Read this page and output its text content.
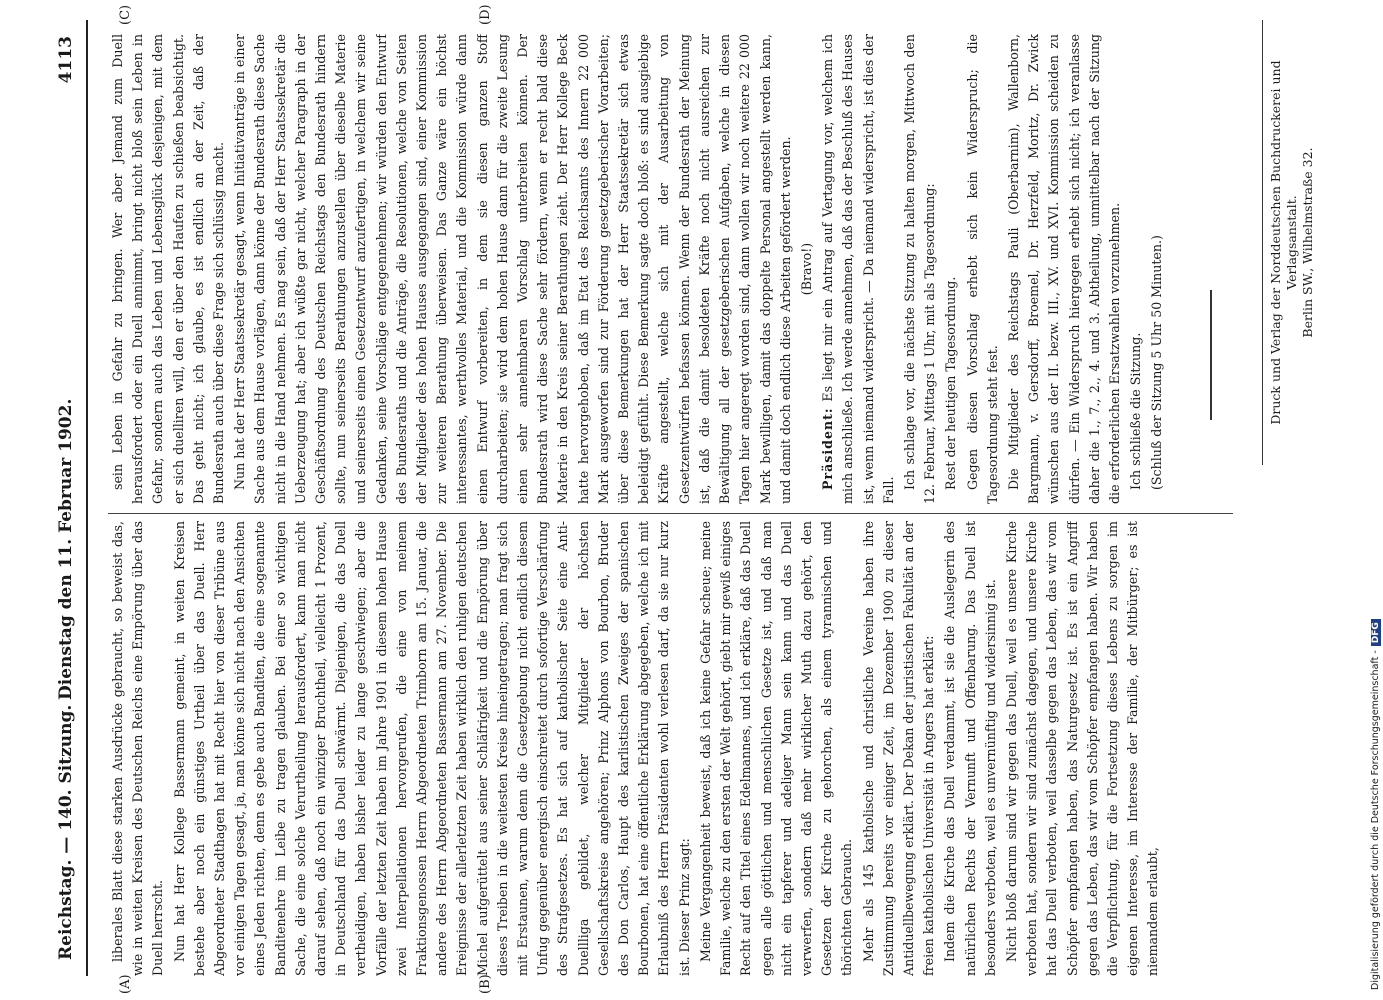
Reichstag. — 140. Sitzung.
Dienstag den 11. Februar 1902.
4113
(A)	(B)
(C)	(D)

liberales Blatt diese starken Ausdrücke gebraucht, so beweist das, wie in weiten Kreisen des Deutschen Reichs eine Empörung über das Duell herrscht. Nun hat Herr Kollege Bassermann gemeint, in weiten Kreisen bestehe aber noch ein günstiges Urtheil über das Duell. Herr Abgeordneter Stadthagen hat mit Recht hier von dieser Tribüne aus vor einigen Tagen gesagt, ja, man könne sich nicht nach den Ansichten eines Jeden richten, denn es gebe auch Banditen, die eine sogenannte Banditenehre im Leibe zu tragen glauben. Bei einer so wichtigen Sache, die eine solche Verurtheilung herausfordert, kann man nicht darauf sehen, daß noch ein winziger Bruchtheil, vielleicht 1 Prozent, in Deutschland für das Duell schwärmt. Diejenigen, die das Duell vertheidigen, haben bisher leider zu lange geschwiegen; aber die Vorfälle der letzten Zeit haben im Jahre 1901 in diesem hohen Hause zwei Interpellationen hervorgerufen, die eine von meinem Fraktionsgenossen Herrn Abgeordneten Trimborn am 15. Januar, die andere des Herrn Abgeordneten Bassermann am 27. November. Die Ereignisse der allerletzten Zeit haben wirklich den ruhigen deutschen Michel aufgerüttelt aus seiner Schläfrigkeit und die Empörung über dieses Treiben in die weitesten Kreise hineingetragen; man fragt sich mit Erstaunen, warum denn die Gesetzgebung nicht endlich diesem Unfug gegenüber energisch einschreitet durch sofortige Verschärfung des Strafgesetzes. Es hat sich auf katholischer Seite eine Anti-Duellliga gebildet, welcher Mitglieder der höchsten Gesellschaftskreise angehören; Prinz Alphons von Bourbon, Bruder des Don Carlos, Haupt des karlistischen Zweiges der spanischen Bourbonen, hat eine öffentliche Erklärung abgegeben, welche ich mit Erlaubniß des Herrn Präsidenten wohl verlesen darf, da sie nur kurz ist. Dieser Prinz sagt: Meine Vergangenheit beweist, daß ich keine Gefahr scheue; meine Familie, welche zu den ersten der Welt gehört, giebt mir gewiß einiges Recht auf den Titel eines Edelmannes, und ich erkläre, daß das Duell gegen alle göttlichen und menschlichen Gesetze ist, und daß man nicht ein tapferer und adeliger Mann sein kann und das Duell verwerfen, sondern daß mehr wirklicher Muth dazu gehört, den Gesetzen der Kirche zu gehorchen, als einem tyrannischen und thörichten Gebrauch. Mehr als 145 katholische und christliche Vereine haben ihre Zustimmung bereits vor einiger Zeit, im Dezember 1900 zu dieser Antiduellbewegung erklärt. Der Dekan der juristischen Fakultät an der freien katholischen Universität in Angers hat erklärt: Indem die Kirche das Duell verdammt, ist sie die Auslegerin des natürlichen Rechts der Vernunft und Offenbarung. Das Duell ist besonders verboten, weil es unvernünftig und widersinnig ist. Nicht bloß darum sind wir gegen das Duell, weil es unsere Kirche verboten hat, sondern wir sind zunächst dagegen, und unsere Kirche hat das Duell verboten, weil dasselbe gegen das Leben, das wir vom Schöpfer empfangen haben, das Naturgesetz ist. Es ist ein Angriff gegen das Leben, das wir vom Schöpfer empfangen haben. Wir haben die Verpflichtung, für die Fortsetzung dieses Lebens zu sorgen im eigenen Interesse, im Interesse der Familie, der Mitbürger; es ist niemandem erlaubt,

sein Leben in Gefahr zu bringen. Wer aber Jemand zum Duell herausfordert oder ein Duell annimmt, bringt nicht bloß sein Leben in Gefahr, sondern auch das Leben und Lebensglück desjenigen, mit dem er sich duelliren will, den er über den Haufen zu schießen beabsichtigt. Das geht nicht; ich glaube, es ist endlich an der Zeit, daß der Bundesrath auch über diese Frage sich schlüssig macht. Nun hat der Herr Staatssekretär gesagt, wenn Initiativanträge in einer Sache aus dem Hause vorlägen, dann könne der Bundesrath diese Sache nicht in die Hand nehmen. Es mag sein, daß der Herr Staatssekretär die Ueberzeugung hat; aber ich wüßte gar nicht, welcher Paragraph in der Geschäftsordnung des Deutschen Reichstags den Bundesrath hindern sollte, nun seinerseits Berathungen anzustellen über dieselbe Materie und seinerseits einen Gesetzentwurf anzufertigen, in welchem wir seine Gedanken, seine Vorschläge entgegennehmen; wir würden den Entwurf des Bundesraths und die Anträge, die Resolutionen, welche von Seiten der Mitglieder des hohen Hauses ausgegangen sind, einer Kommission zur weiteren Berathung überweisen. Das Ganze wäre ein höchst interessantes, werthvolles Material, und die Kommission würde dann einen Entwurf vorbereiten, in dem sie diesen ganzen Stoff durcharbeiten; sie wird dem hohen Hause dann für die zweite Lesung einen sehr annehmbaren Vorschlag unterbreiten können. Der Bundesrath wird diese Sache sehr fördern, wenn er recht bald diese Materie in den Kreis seiner Berathungen zieht. Der Herr Kollege Beck hatte hervorgehoben, daß im Etat des Reichsamts des Innern 22 000 Mark ausgeworfen sind zur Förderung gesetzgeberischer Vorarbeiten; über diese Bemerkungen hat der Herr Staatssekretär sich etwas beleidigt gefühlt. Diese Bemerkung sagte doch bloß: es sind ausgiebige Kräfte angestellt, welche sich mit der Ausarbeitung von Gesetzentwürfen befassen können. Wenn der Bundesrath der Meinung ist, daß die damit besoldeten Kräfte noch nicht ausreichen zur Bewältigung all der gesetzgeberischen Aufgaben, welche in diesen Tagen hier angeregt worden sind, dann wollen wir noch weitere 22 000 Mark bewilligen, damit das doppelte Personal angestellt werden kann, und damit doch endlich diese Arbeiten gefördert werden. (Bravo!)

Präsident: Es liegt mir ein Antrag auf Vertagung vor, welchem ich mich anschließe. Ich werde annehmen, daß das der Beschluß des Hauses ist, wenn niemand widerspricht. — Da niemand widerspricht, ist dies der Fall.

Ich schlage vor, die nächste Sitzung zu halten morgen, Mittwoch den 12. Februar, Mittags 1 Uhr, mit als Tagesordnung: Rest der heutigen Tagesordnung. Gegen diesen Vorschlag erhebt sich kein Widerspruch; die Tagesordnung steht fest. Die Mitglieder des Reichstags Pauli (Oberbarnim), Wallenborn, Bargmann, v. Gersdorff, Broemel, Dr. Herzfeld, Moritz, Dr. Zwick wünschen aus der II. bezw. III., XV. und XVI. Kommission scheiden zu dürfen. — Ein Widerspruch hiergegen erhebt sich nicht; ich veranlasse daher die 1., 7., 2., 4. und 3. Abtheilung, unmittelbar nach der Sitzung die erforderlichen Ersatzwahlen vorzunehmen. Ich schließe die Sitzung. (Schluß der Sitzung 5 Uhr 50 Minuten.)	Druck und Verlag der Norddeutschen Buchdruckerei und Verlagsanstalt. Berlin SW., Wilhelmstraße 32.
Digitalisierung gefördert durch die Deutsche Forschungsgemeinschaft -DFG
